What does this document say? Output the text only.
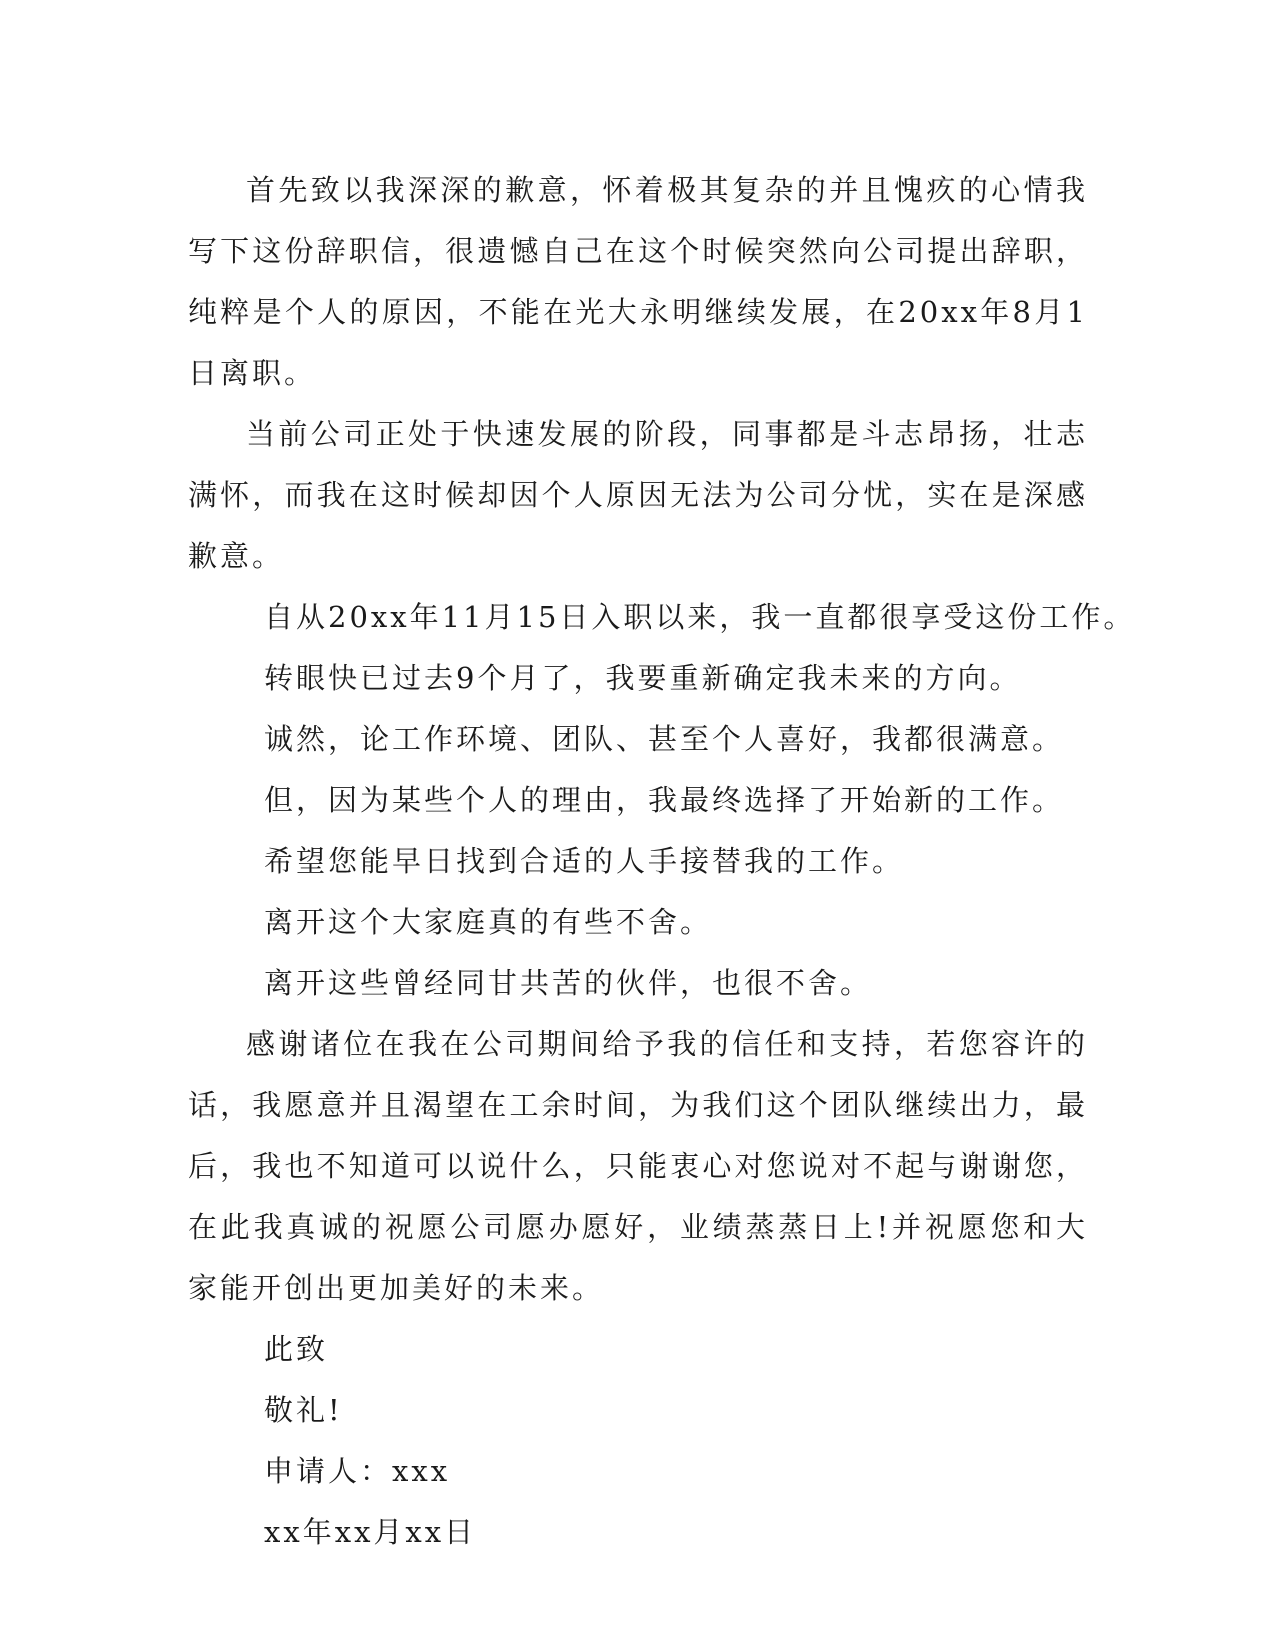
首先致以我深深的歉意，怀着极其复杂的并且愧疚的心情我写下这份辞职信，很遗憾自己在这个时候突然向公司提出辞职，纯粹是个人的原因，不能在光大永明继续发展，在20xx年8月1日离职。

当前公司正处于快速发展的阶段，同事都是斗志昂扬，壮志满怀，而我在这时候却因个人原因无法为公司分忧，实在是深感歉意。

自从20xx年11月15日入职以来，我一直都很享受这份工作。

转眼快已过去9个月了，我要重新确定我未来的方向。

诚然，论工作环境、团队、甚至个人喜好，我都很满意。

但，因为某些个人的理由，我最终选择了开始新的工作。

希望您能早日找到合适的人手接替我的工作。

离开这个大家庭真的有些不舍。

离开这些曾经同甘共苦的伙伴，也很不舍。

感谢诸位在我在公司期间给予我的信任和支持，若您容许的话，我愿意并且渴望在工余时间，为我们这个团队继续出力，最后，我也不知道可以说什么，只能衷心对您说对不起与谢谢您，在此我真诚的祝愿公司愿办愿好，业绩蒸蒸日上!并祝愿您和大家能开创出更加美好的未来。

此致

敬礼!

申请人：xxx

xx年xx月xx日
